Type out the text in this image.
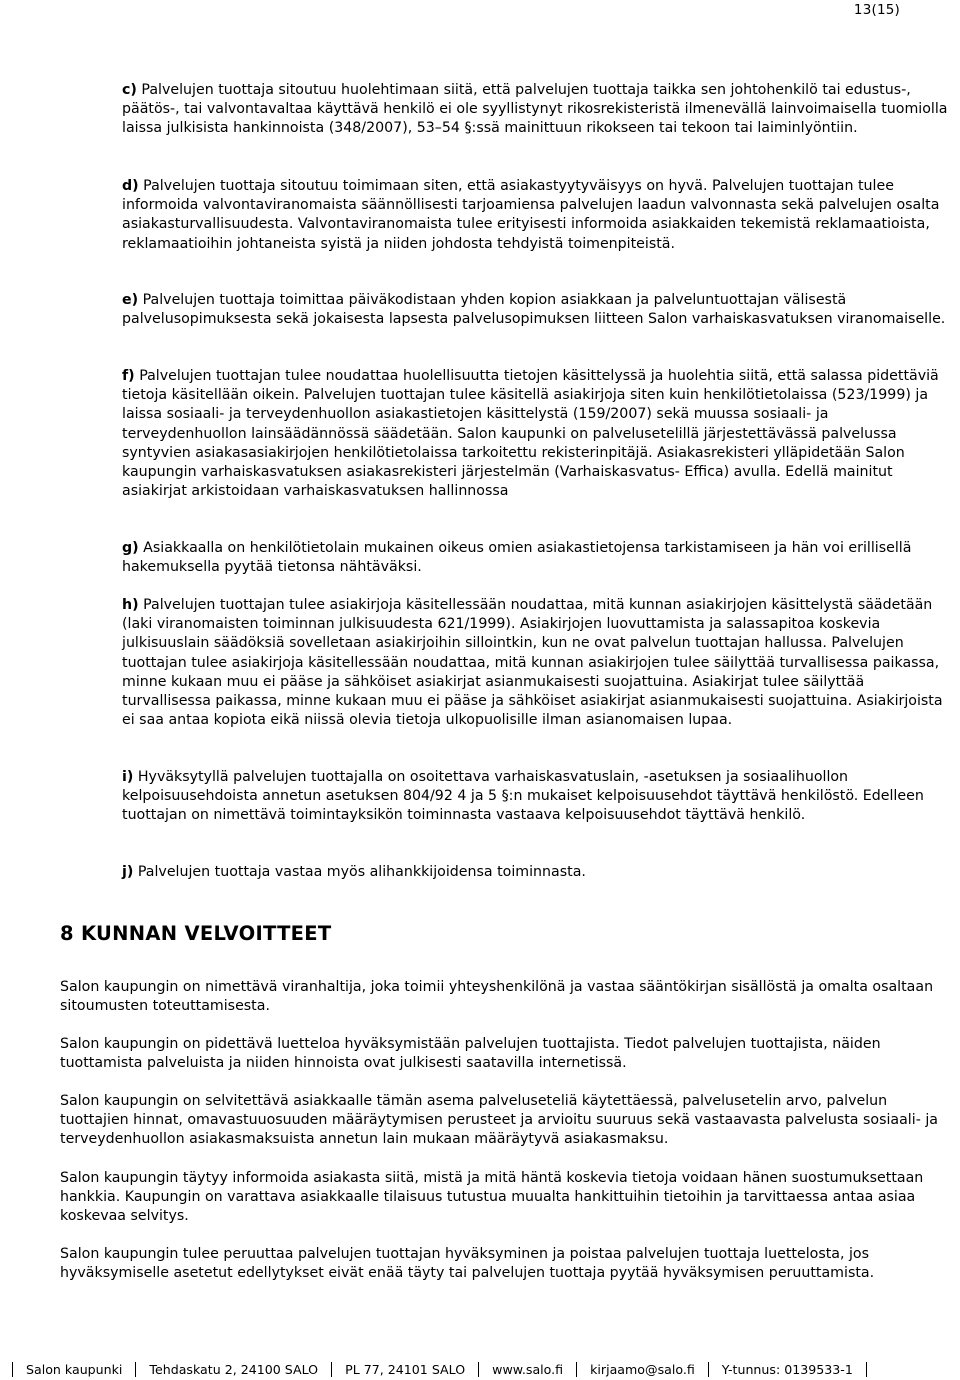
13(15)

c) Palvelujen tuottaja sitoutuu huolehtimaan siitä, että palvelujen tuottaja taikka sen johtohenkilö tai edustus-, päätös-, tai valvontavaltaa käyttävä henkilö ei ole syyllistynyt rikosrekisteristä ilmenevällä lainvoimaisella tuomiolla laissa julkisista hankinnoista (348/2007), 53–54 §:ssä mainittuun rikokseen tai tekoon tai laiminlyöntiin.

d) Palvelujen tuottaja sitoutuu toimimaan siten, että asiakastyytyväisyys on hyvä. Palvelujen tuottajan tulee informoida valvontaviranomaista säännöllisesti tarjoamiensa palvelujen laadun valvonnasta sekä palvelujen osalta asiakasturvallisuudesta. Valvontaviranomaista tulee erityisesti informoida asiakkaiden tekemistä reklamaatioista, reklamaatioihin johtaneista syistä ja niiden johdosta tehdyistä toimenpiteistä.

e) Palvelujen tuottaja toimittaa päiväkodistaan yhden kopion asiakkaan ja palveluntuottajan välisestä palvelusopimuksesta sekä jokaisesta lapsesta palvelusopimuksen liitteen Salon varhaiskasvatuksen viranomaiselle.

f) Palvelujen tuottajan tulee noudattaa huolellisuutta tietojen käsittelyssä ja huolehtia siitä, että salassa pidettäviä tietoja käsitellään oikein. Palvelujen tuottajan tulee käsitellä asiakirjoja siten kuin henkilötietolaissa (523/1999) ja laissa sosiaali- ja terveydenhuollon asiakastietojen käsittelystä (159/2007) sekä muussa sosiaali- ja terveydenhuollon lainsäädännössä säädetään. Salon kaupunki on palvelusetelillä järjestettävässä palvelussa syntyvien asiakasasiakirjojen henkilötietolaissa tarkoitettu rekisterinpitäjä. Asiakasrekisteri ylläpidetään Salon kaupungin varhaiskasvatuksen asiakasrekisteri järjestelmän (Varhaiskasvatus- Effica) avulla. Edellä mainitut asiakirjat arkistoidaan varhaiskasvatuksen hallinnossa

g) Asiakkaalla on henkilötietolain mukainen oikeus omien asiakastietojensa tarkistamiseen ja hän voi erillisellä hakemuksella pyytää tietonsa nähtäväksi.

h) Palvelujen tuottajan tulee asiakirjoja käsitellessään noudattaa, mitä kunnan asiakirjojen käsittelystä säädetään (laki viranomaisten toiminnan julkisuudesta 621/1999). Asiakirjojen luovuttamista ja salassapitoa koskevia julkisuuslain säädöksiä sovelletaan asiakirjoihin sillointkin, kun ne ovat palvelun tuottajan hallussa. Palvelujen tuottajan tulee asiakirjoja käsitellessään noudattaa, mitä kunnan asiakirjojen tulee säilyttää turvallisessa paikassa, minne kukaan muu ei pääse ja sähköiset asiakirjat asianmukaisesti suojattuina. Asiakirjat tulee säilyttää turvallisessa paikassa, minne kukaan muu ei pääse ja sähköiset asiakirjat asianmukaisesti suojattuina. Asiakirjoista ei saa antaa kopiota eikä niissä olevia tietoja ulkopuolisille ilman asianomaisen lupaa.

i) Hyväksytyllä palvelujen tuottajalla on osoitettava varhaiskasvatuslain, -asetuksen ja sosiaalihuollon kelpoisuusehdoista annetun asetuksen 804/92 4 ja 5 §:n mukaiset kelpoisuusehdot täyttävä henkilöstö. Edelleen tuottajan on nimettävä toimintayksikön toiminnasta vastaava kelpoisuusehdot täyttävä henkilö.

j) Palvelujen tuottaja vastaa myös alihankkijoidensa toiminnasta.

8 KUNNAN VELVOITTEET

Salon kaupungin on nimettävä viranhaltija, joka toimii yhteyshenkilönä ja vastaa sääntökirjan sisällöstä ja omalta osaltaan sitoumusten toteuttamisesta.

Salon kaupungin on pidettävä luetteloa hyväksymistään palvelujen tuottajista. Tiedot palvelujen tuottajista, näiden tuottamista palveluista ja niiden hinnoista ovat julkisesti saatavilla internetissä.

Salon kaupungin on selvitettävä asiakkaalle tämän asema palveluseteliä käytettäessä, palvelusetelin arvo, palvelun tuottajien hinnat, omavastuuosuuden määräytymisen perusteet ja arvioitu suuruus sekä vastaavasta palvelusta sosiaali- ja terveydenhuollon asiakasmaksuista annetun lain mukaan määräytyvä asiakasmaksu.

Salon kaupungin täytyy informoida asiakasta siitä, mistä ja mitä häntä koskevia tietoja voidaan hänen suostumuksettaan hankkia. Kaupungin on varattava asiakkaalle tilaisuus tutustua muualta hankittuihin tietoihin ja tarvittaessa antaa asiaa koskevaa selvitys.

Salon kaupungin tulee peruuttaa palvelujen tuottajan hyväksyminen ja poistaa palvelujen tuottaja luettelosta, jos hyväksymiselle asetetut edellytykset eivät enää täyty tai palvelujen tuottaja pyytää hyväksymisen peruuttamista.

Salon kaupunki Tehdaskatu 2, 24100 SALO PL 77, 24101 SALO www.salo.fi kirjaamo@salo.fi Y-tunnus: 0139533-1
